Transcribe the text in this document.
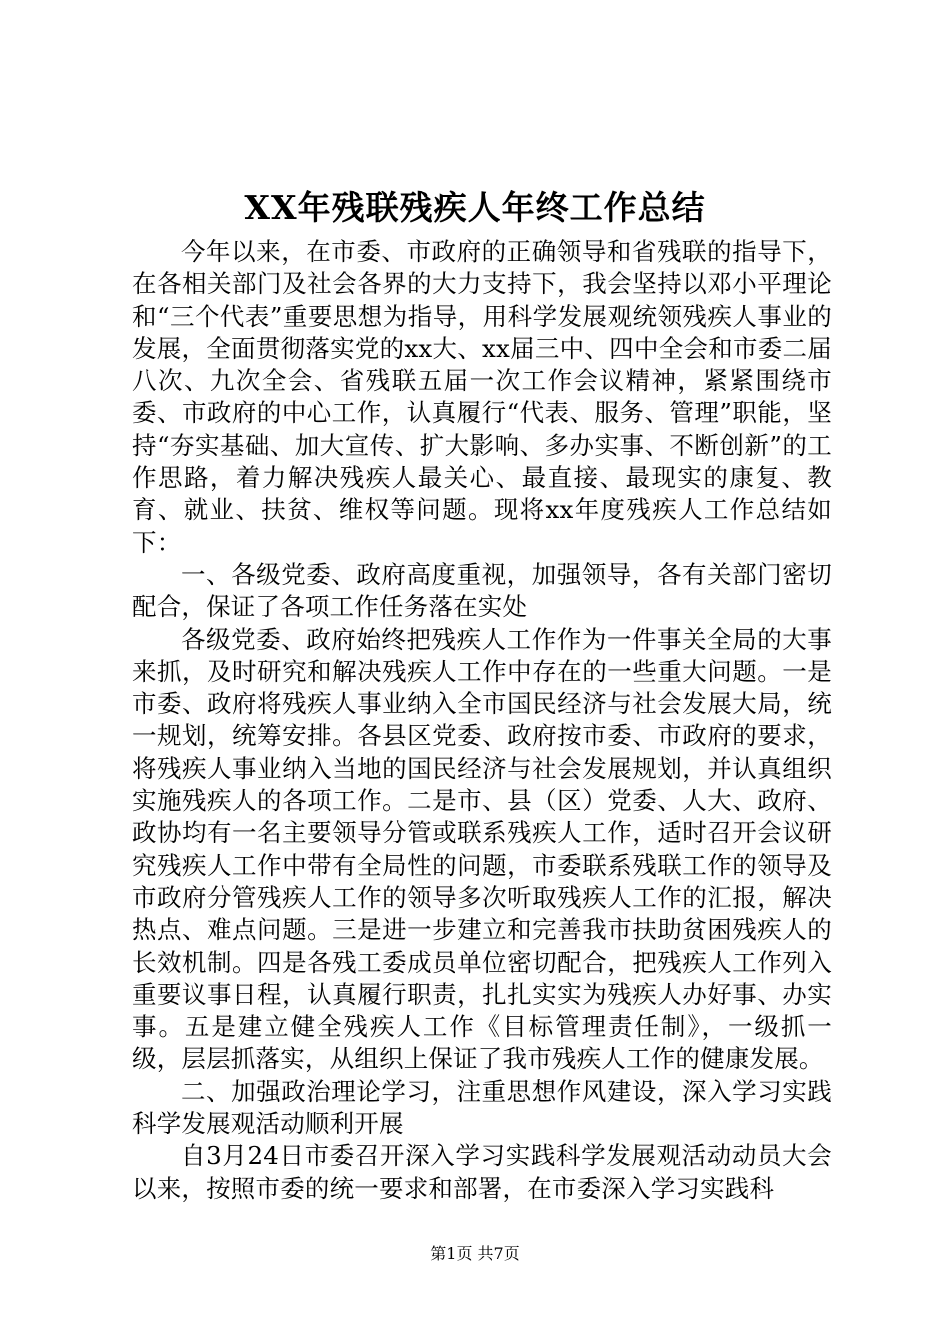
XX年残联残疾人年终工作总结

今年以来，在市委、市政府的正确领导和省残联的指导下，在各相关部门及社会各界的大力支持下，我会坚持以邓小平理论和“三个代表”重要思想为指导，用科学发展观统领残疾人事业的发展，全面贯彻落实党的xx大、xx届三中、四中全会和市委二届八次、九次全会、省残联五届一次工作会议精神，紧紧围绕市委、市政府的中心工作，认真履行“代表、服务、管理”职能，坚持“夯实基础、加大宣传、扩大影响、多办实事、不断创新”的工作思路，着力解决残疾人最关心、最直接、最现实的康复、教育、就业、扶贫、维权等问题。现将xx年度残疾人工作总结如下：

一、各级党委、政府高度重视，加强领导，各有关部门密切配合，保证了各项工作任务落在实处

各级党委、政府始终把残疾人工作作为一件事关全局的大事来抓，及时研究和解决残疾人工作中存在的一些重大问题。一是市委、政府将残疾人事业纳入全市国民经济与社会发展大局，统一规划，统筹安排。各县区党委、政府按市委、市政府的要求，将残疾人事业纳入当地的国民经济与社会发展规划，并认真组织实施残疾人的各项工作。二是市、县（区）党委、人大、政府、政协均有一名主要领导分管或联系残疾人工作，适时召开会议研究残疾人工作中带有全局性的问题，市委联系残联工作的领导及市政府分管残疾人工作的领导多次听取残疾人工作的汇报，解决热点、难点问题。三是进一步建立和完善我市扶助贫困残疾人的长效机制。四是各残工委成员单位密切配合，把残疾人工作列入重要议事日程，认真履行职责，扎扎实实为残疾人办好事、办实事。五是建立健全残疾人工作《目标管理责任制》，一级抓一级，层层抓落实，从组织上保证了我市残疾人工作的健康发展。

二、加强政治理论学习，注重思想作风建设，深入学习实践科学发展观活动顺利开展

自3月24日市委召开深入学习实践科学发展观活动动员大会以来，按照市委的统一要求和部署，在市委深入学习实践科

第1页 共7页
